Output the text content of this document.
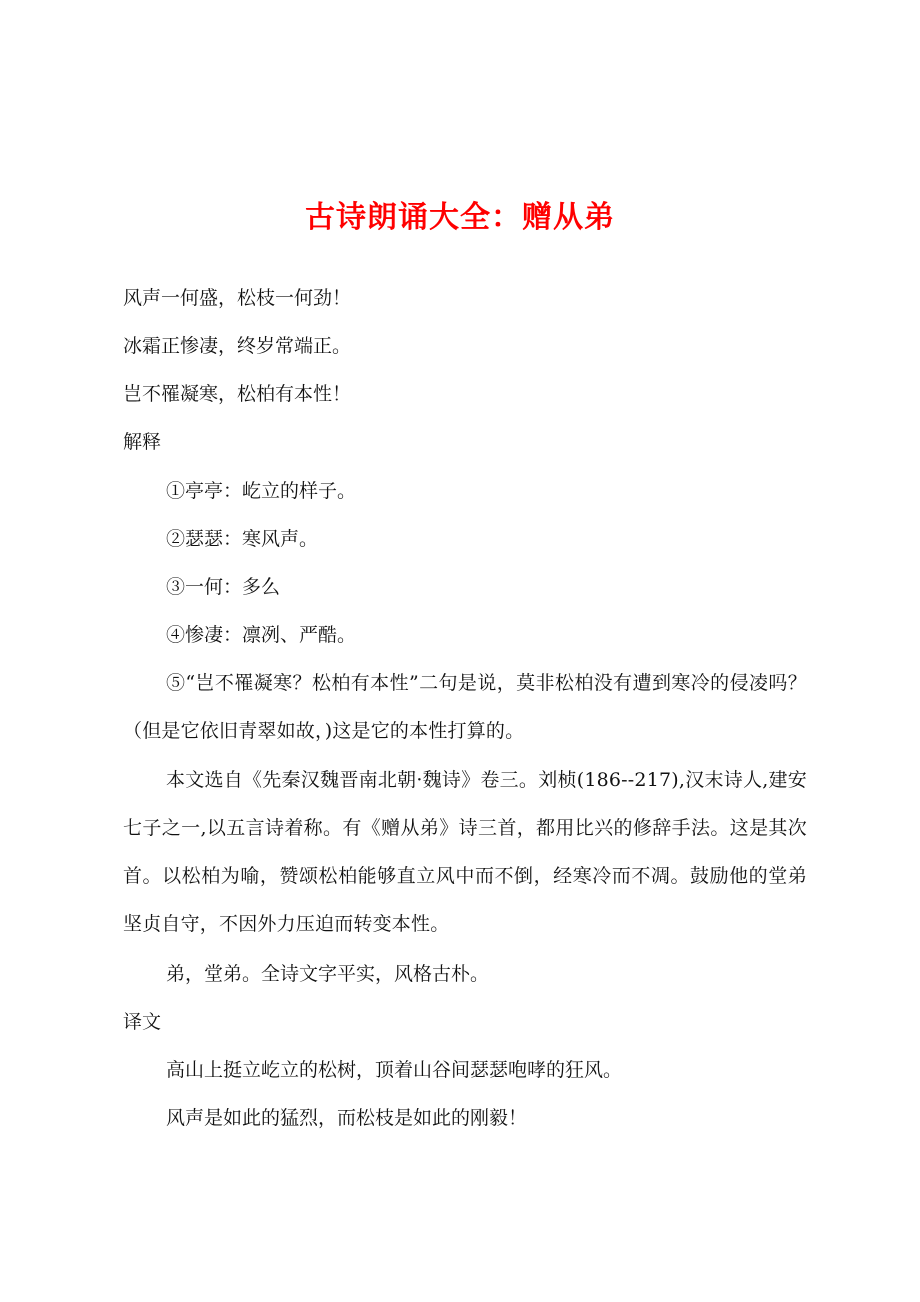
古诗朗诵大全：赠从弟
风声一何盛，松枝一何劲！
冰霜正惨凄，终岁常端正。
岂不罹凝寒，松柏有本性！
解释
①亭亭：屹立的样子。
②瑟瑟：寒风声。
③一何：多么
④惨凄：凛冽、严酷。
⑤“岂不罹凝寒？松柏有本性”二句是说，莫非松柏没有遭到寒冷的侵凌吗？（但是它依旧青翠如故，)这是它的本性打算的。
本文选自《先秦汉魏晋南北朝·魏诗》卷三。刘桢(186--217),汉末诗人,建安七子之一,以五言诗着称。有《赠从弟》诗三首，都用比兴的修辞手法。这是其次首。以松柏为喻，赞颂松柏能够直立风中而不倒，经寒冷而不凋。鼓励他的堂弟坚贞自守，不因外力压迫而转变本性。
弟，堂弟。全诗文字平实，风格古朴。
译文
高山上挺立屹立的松树，顶着山谷间瑟瑟咆哮的狂风。
风声是如此的猛烈，而松枝是如此的刚毅！
